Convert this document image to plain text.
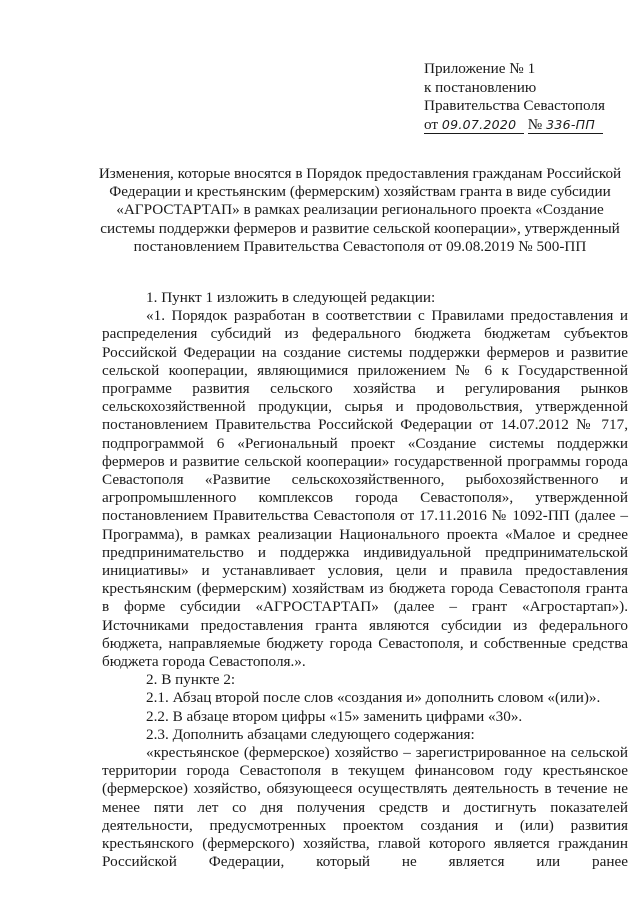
Приложение № 1
к постановлению
Правительства Севастополя
от 09.07.2020 № 336-ПП
Изменения, которые вносятся в Порядок предоставления гражданам Российской Федерации и крестьянским (фермерским) хозяйствам гранта в виде субсидии «АГРОСТАРТАП» в рамках реализации регионального проекта «Создание системы поддержки фермеров и развитие сельской кооперации», утвержденный постановлением Правительства Севастополя от 09.08.2019 № 500-ПП

1. Пункт 1 изложить в следующей редакции:

«1. Порядок разработан в соответствии с Правилами предоставления и распределения субсидий из федерального бюджета бюджетам субъектов Российской Федерации на создание системы поддержки фермеров и развитие сельской кооперации, являющимися приложением № 6 к Государственной программе развития сельского хозяйства и регулирования рынков сельскохозяйственной продукции, сырья и продовольствия, утвержденной постановлением Правительства Российской Федерации от 14.07.2012 № 717, подпрограммой 6 «Региональный проект «Создание системы поддержки фермеров и развитие сельской кооперации» государственной программы города Севастополя «Развитие сельскохозяйственного, рыбохозяйственного и агропромышленного комплексов города Севастополя», утвержденной постановлением Правительства Севастополя от 17.11.2016 № 1092-ПП (далее – Программа), в рамках реализации Национального проекта «Малое и среднее предпринимательство и поддержка индивидуальной предпринимательской инициативы» и устанавливает условия, цели и правила предоставления крестьянским (фермерским) хозяйствам из бюджета города Севастополя гранта в форме субсидии «АГРОСТАРТАП» (далее – грант «Агростартап»). Источниками предоставления гранта являются субсидии из федерального бюджета, направляемые бюджету города Севастополя, и собственные средства бюджета города Севастополя.».

2. В пункте 2:

2.1. Абзац второй после слов «создания и» дополнить словом «(или)».

2.2. В абзаце втором цифры «15» заменить цифрами «30».

2.3. Дополнить абзацами следующего содержания:

«крестьянское (фермерское) хозяйство – зарегистрированное на сельской территории города Севастополя в текущем финансовом году крестьянское (фермерское) хозяйство, обязующееся осуществлять деятельность в течение не менее пяти лет со дня получения средств и достигнуть показателей деятельности, предусмотренных проектом создания и (или) развития крестьянского (фермерского) хозяйства, главой которого является гражданин Российской Федерации, который не является или ранее
